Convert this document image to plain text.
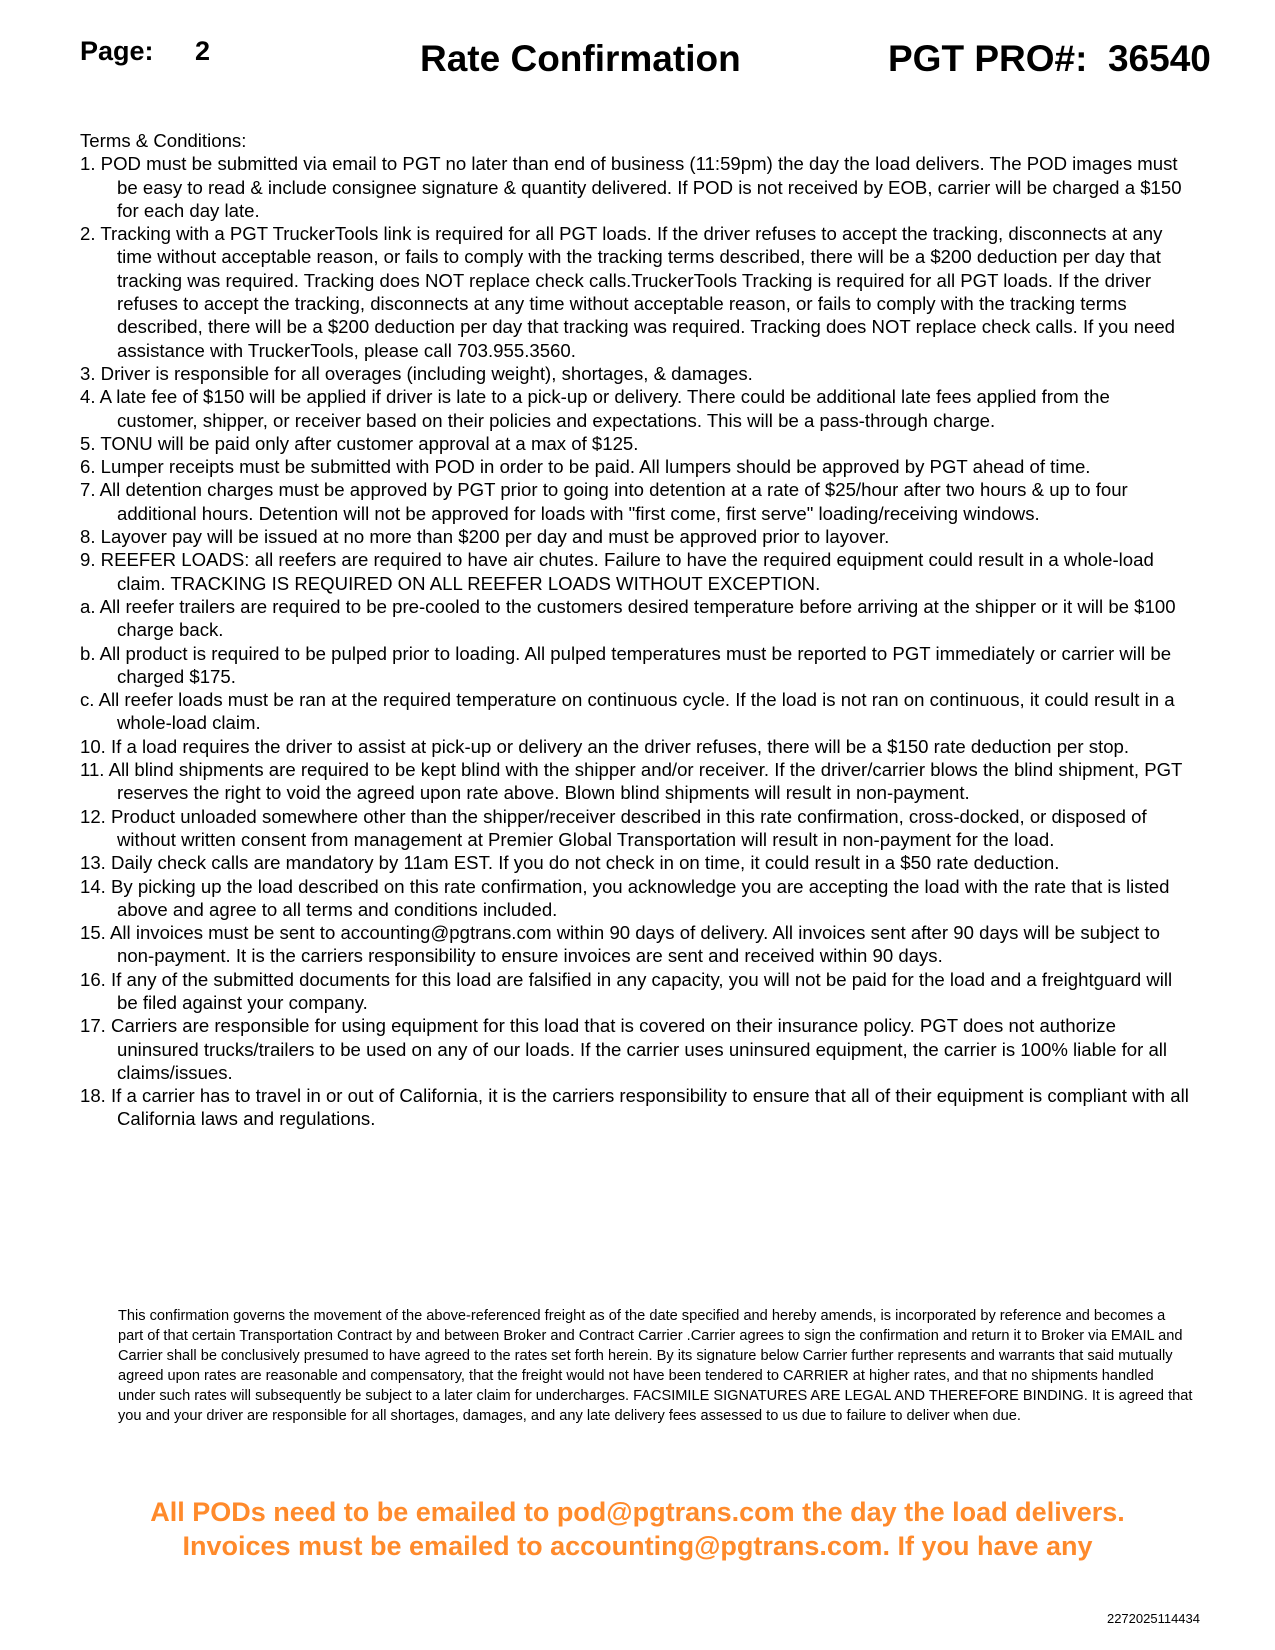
Page: 2	Rate Confirmation	PGT PRO#: 36540

Terms & Conditions:

1. POD must be submitted via email to PGT no later than end of business (11:59pm) the day the load delivers. The POD images must be easy to read & include consignee signature & quantity delivered. If POD is not received by EOB, carrier will be charged a $150 for each day late.

2. Tracking with a PGT TruckerTools link is required for all PGT loads. If the driver refuses to accept the tracking, disconnects at any time without acceptable reason, or fails to comply with the tracking terms described, there will be a $200 deduction per day that tracking was required. Tracking does NOT replace check calls.TruckerTools Tracking is required for all PGT loads. If the driver refuses to accept the tracking, disconnects at any time without acceptable reason, or fails to comply with the tracking terms described, there will be a $200 deduction per day that tracking was required. Tracking does NOT replace check calls. If you need assistance with TruckerTools, please call 703.955.3560.

3. Driver is responsible for all overages (including weight), shortages, & damages.

4. A late fee of $150 will be applied if driver is late to a pick-up or delivery. There could be additional late fees applied from the customer, shipper, or receiver based on their policies and expectations. This will be a pass-through charge.

5. TONU will be paid only after customer approval at a max of $125.

6. Lumper receipts must be submitted with POD in order to be paid. All lumpers should be approved by PGT ahead of time.

7. All detention charges must be approved by PGT prior to going into detention at a rate of $25/hour after two hours & up to four additional hours. Detention will not be approved for loads with "first come, first serve" loading/receiving windows.

8. Layover pay will be issued at no more than $200 per day and must be approved prior to layover.

9. REEFER LOADS: all reefers are required to have air chutes. Failure to have the required equipment could result in a whole-load claim. TRACKING IS REQUIRED ON ALL REEFER LOADS WITHOUT EXCEPTION.

a. All reefer trailers are required to be pre-cooled to the customers desired temperature before arriving at the shipper or it will be $100 charge back.

b. All product is required to be pulped prior to loading. All pulped temperatures must be reported to PGT immediately or carrier will be charged $175.

c. All reefer loads must be ran at the required temperature on continuous cycle. If the load is not ran on continuous, it could result in a whole-load claim.

10. If a load requires the driver to assist at pick-up or delivery an the driver refuses, there will be a $150 rate deduction per stop.

11. All blind shipments are required to be kept blind with the shipper and/or receiver. If the driver/carrier blows the blind shipment, PGT reserves the right to void the agreed upon rate above. Blown blind shipments will result in non-payment.

12. Product unloaded somewhere other than the shipper/receiver described in this rate confirmation, cross-docked, or disposed of without written consent from management at Premier Global Transportation will result in non-payment for the load.

13. Daily check calls are mandatory by 11am EST. If you do not check in on time, it could result in a $50 rate deduction.

14. By picking up the load described on this rate confirmation, you acknowledge you are accepting the load with the rate that is listed above and agree to all terms and conditions included.

15. All invoices must be sent to accounting@pgtrans.com within 90 days of delivery. All invoices sent after 90 days will be subject to non-payment. It is the carriers responsibility to ensure invoices are sent and received within 90 days.

16. If any of the submitted documents for this load are falsified in any capacity, you will not be paid for the load and a freightguard will be filed against your company.

17. Carriers are responsible for using equipment for this load that is covered on their insurance policy. PGT does not authorize uninsured trucks/trailers to be used on any of our loads. If the carrier uses uninsured equipment, the carrier is 100% liable for all claims/issues.

18. If a carrier has to travel in or out of California, it is the carriers responsibility to ensure that all of their equipment is compliant with all California laws and regulations.

This confirmation governs the movement of the above-referenced freight as of the date specified and hereby amends, is incorporated by reference and becomes a part of that certain Transportation Contract by and between Broker and Contract Carrier .Carrier agrees to sign the confirmation and return it to Broker via EMAIL and Carrier shall be conclusively presumed to have agreed to the rates set forth herein. By its signature below Carrier further represents and warrants that said mutually agreed upon rates are reasonable and compensatory, that the freight would not have been tendered to CARRIER at higher rates, and that no shipments handled under such rates will subsequently be subject to a later claim for undercharges. FACSIMILE SIGNATURES ARE LEGAL AND THEREFORE BINDING. It is agreed that you and your driver are responsible for all shortages, damages, and any late delivery fees assessed to us due to failure to deliver when due.
All PODs need to be emailed to pod@pgtrans.com the day the load delivers.
Invoices must be emailed to accounting@pgtrans.com. If you have any
2272025114434
